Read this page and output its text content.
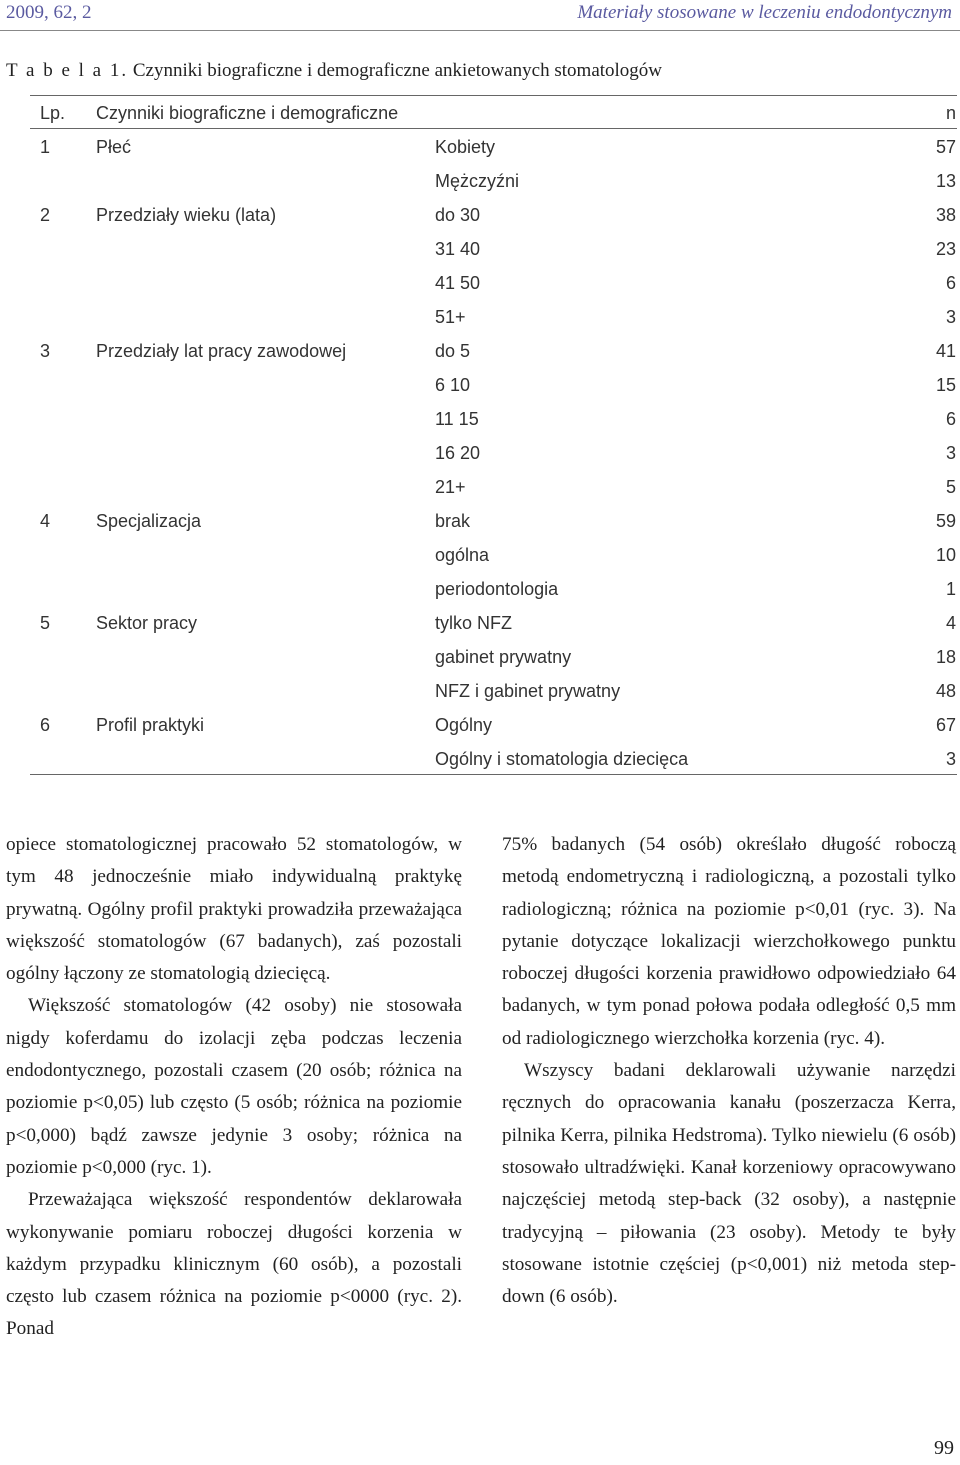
2009, 62, 2	Materiały stosowane w leczeniu endodontycznym
T a b e l a 1. Czynniki biograficzne i demograficzne ankietowanych stomatologów
Lp. Czynniki biograficzne i demograficzne	n
1	Płeć	Kobiety	57
Mężczyźni	13
2	Przedziały wieku (lata)	do 30	38
31 40	23
41 50	6
51+	3
3	Przedziały lat pracy zawodowej	do 5	41
6 10	15
11 15	6
16 20	3
21+	5
4	Specjalizacja	brak	59
ogólna	10
periodontologia	1
5	Sektor pracy	tylko NFZ	4
gabinet prywatny	18
NFZ i gabinet prywatny	48
6	Profil praktyki	Ogólny	67
Ogólny i stomatologia dziecięca	3

opiece stomatologicznej pracowało 52 stomatologów, w tym 48 jednocześnie miało indywidualną praktykę prywatną. Ogólny profil praktyki prowadziła przeważająca większość stomatologów (67 badanych), zaś pozostali ogólny łączony ze stomatologią dziecięcą.

Większość stomatologów (42 osoby) nie stosowała nigdy koferdamu do izolacji zęba podczas leczenia endodontycznego, pozostali czasem (20 osób; różnica na poziomie p<0,05) lub często (5 osób; różnica na poziomie p<0,000) bądź zawsze jedynie 3 osoby; różnica na poziomie p<0,000 (ryc. 1).

Przeważająca większość respondentów deklarowała wykonywanie pomiaru roboczej długości korzenia w każdym przypadku klinicznym (60 osób), a pozostali często lub czasem różnica na poziomie p<0000 (ryc. 2). Ponad

75% badanych (54 osób) określało długość roboczą metodą endometryczną i radiologiczną, a pozostali tylko radiologiczną; różnica na poziomie p<0,01 (ryc. 3). Na pytanie dotyczące lokalizacji wierzchołkowego punktu roboczej długości korzenia prawidłowo odpowiedziało 64 badanych, w tym ponad połowa podała odległość 0,5 mm od radiologicznego wierzchołka korzenia (ryc. 4).

Wszyscy badani deklarowali używanie narzędzi ręcznych do opracowania kanału (poszerzacza Kerra, pilnika Kerra, pilnika Hedstroma). Tylko niewielu (6 osób) stosowało ultradźwięki. Kanał korzeniowy opracowywano najczęściej metodą step-back (32 osoby), a następnie tradycyjną – piłowania (23 osoby). Metody te były stosowane istotnie częściej (p<0,001) niż metoda step-down (6 osób).

99
